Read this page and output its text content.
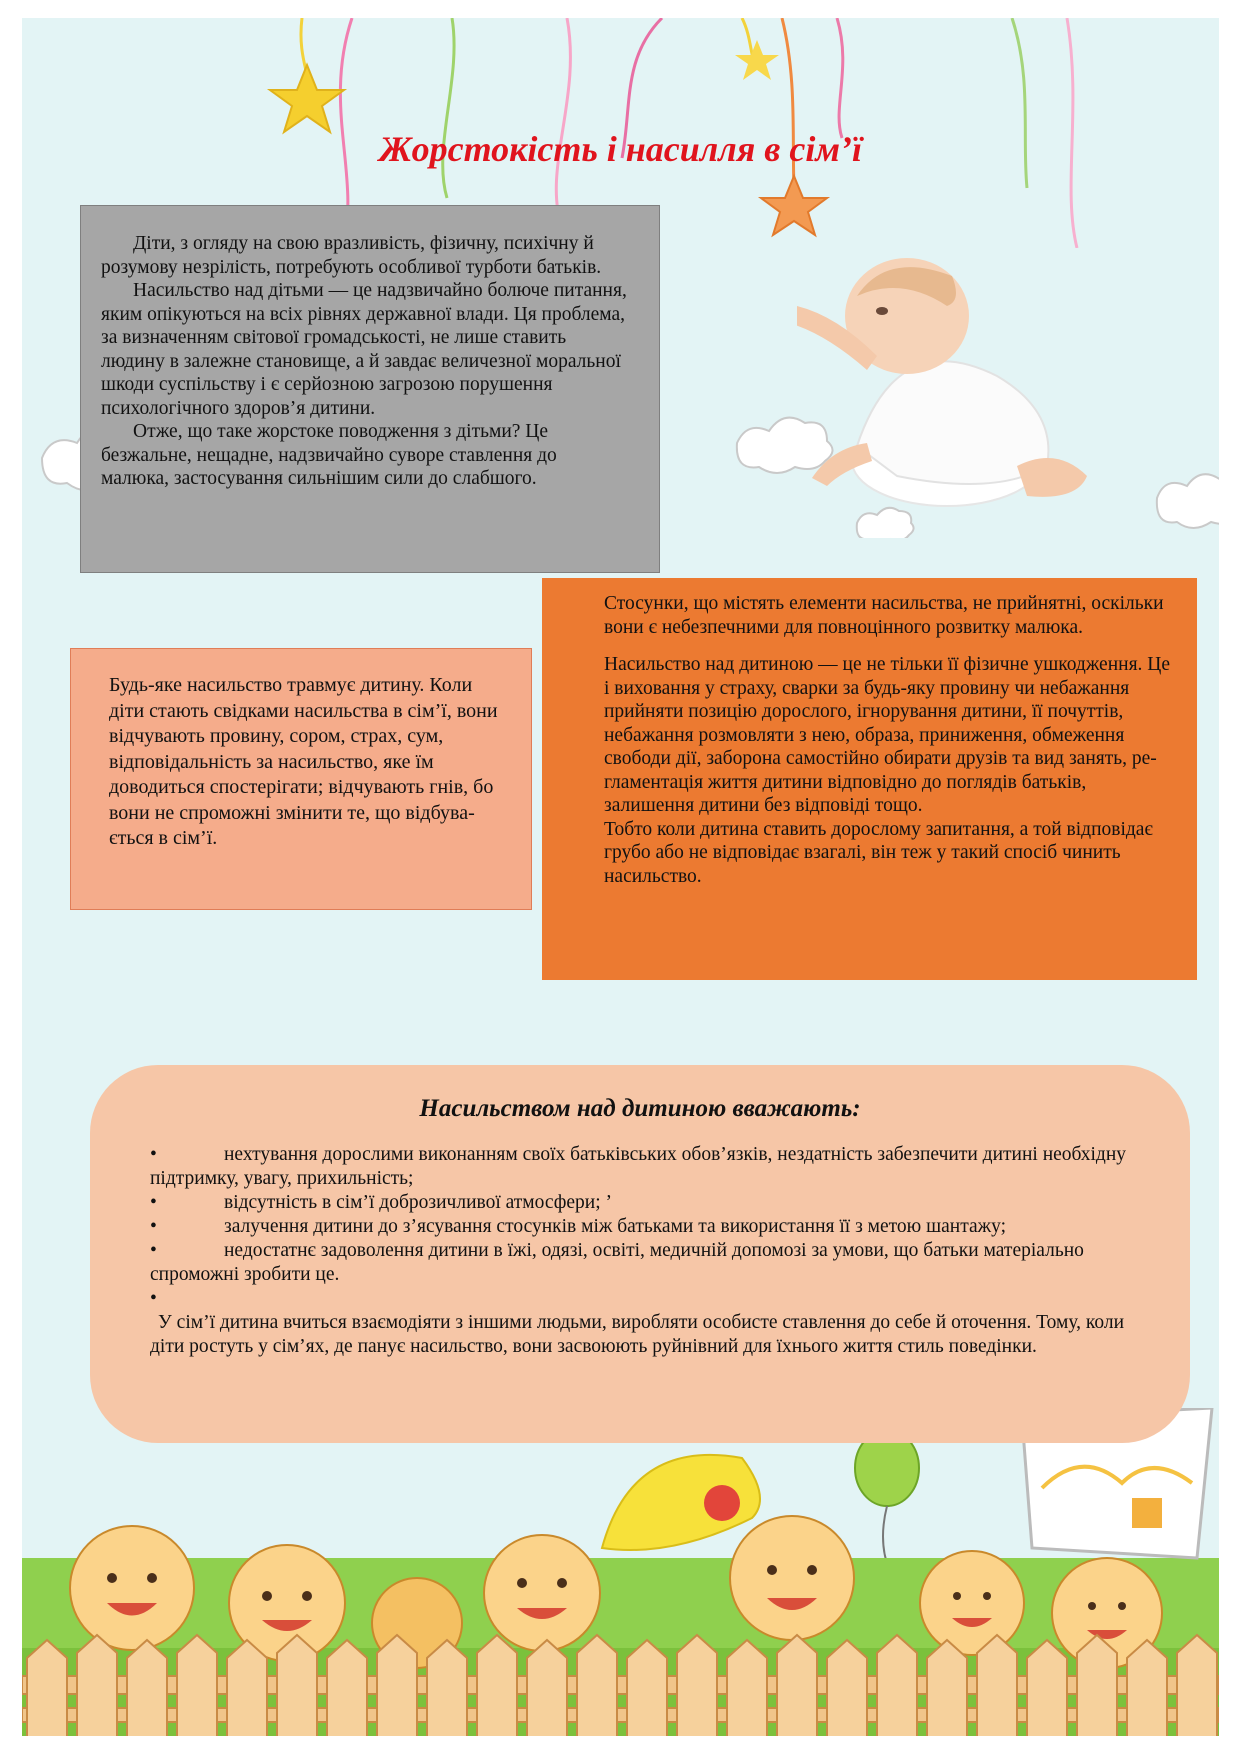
Жорстокість і насилля в сім’ї

Діти, з огляду на свою вразливість, фізичну, психічну й розумову незрілість, потребують особливої турботи батьків.

Насильство над дітьми — це надзвичайно болюче питання, яким опікуються на всіх рівнях державної влади. Ця проблема, за визначенням світової громадськості, не лише ставить людину в залежне становище, а й завдає величезної моральної шкоди суспільству і є серйозною загрозою порушення психологічного здоров’я дитини.

Отже, що таке жорстоке поводження з дітьми? Це безжальне, нещадне, надзвичайно суворе ставлення до малюка, застосування сильнішим сили до слабшого.

Будь-яке насильство травмує дитину. Коли діти стають свідками насильства в сім’ї, вони відчувають провину, сором, страх, сум, відповідальність за насильство, яке їм доводиться спостерігати; відчувають гнів, бо вони не спроможні змінити те, що відбува-ється в сім’ї.

Стосунки, що містять елементи насильства, не прийнятні, оскільки вони є небезпечними для повноцінного розвитку малюка.

Насильство над дитиною — це не тільки її фізичне ушкодження. Це і виховання у страху, сварки за будь-яку провину чи небажання прийняти позицію дорослого, ігнорування дитини, її почуттів, небажання розмовляти з нею, образа, приниження, обмеження свободи дії, заборона самостійно обирати друзів та вид занять, ре-гламентація життя дитини відповідно до поглядів батьків, залишення дитини без відповіді тощо.

Тобто коли дитина ставить дорослому запитання, а той відповідає грубо або не відповідає взагалі, він теж у такий спосіб чинить насильство.

Насильством над дитиною вважають:
•	нехтування дорослими виконанням своїх батьківських обов’язків, нездатність забезпечити дитині необхідну підтримку, увагу, прихильність;
•	відсутність в сім’ї доброзичливої атмосфери; ’
•	залучення дитини до з’ясування стосунків між батьками та використання її з метою шантажу;
•	недостатнє задоволення дитини в їжі, одязі, освіті, медичній допомозі за умови, що батьки матеріально спроможні зробити це.
•

У сім’ї дитина вчиться взаємодіяти з іншими людьми, виробляти особисте ставлення до себе й оточення. Тому, коли діти ростуть у сім’ях, де панує насильство, вони засвоюють руйнівний для їхнього життя стиль поведінки.
